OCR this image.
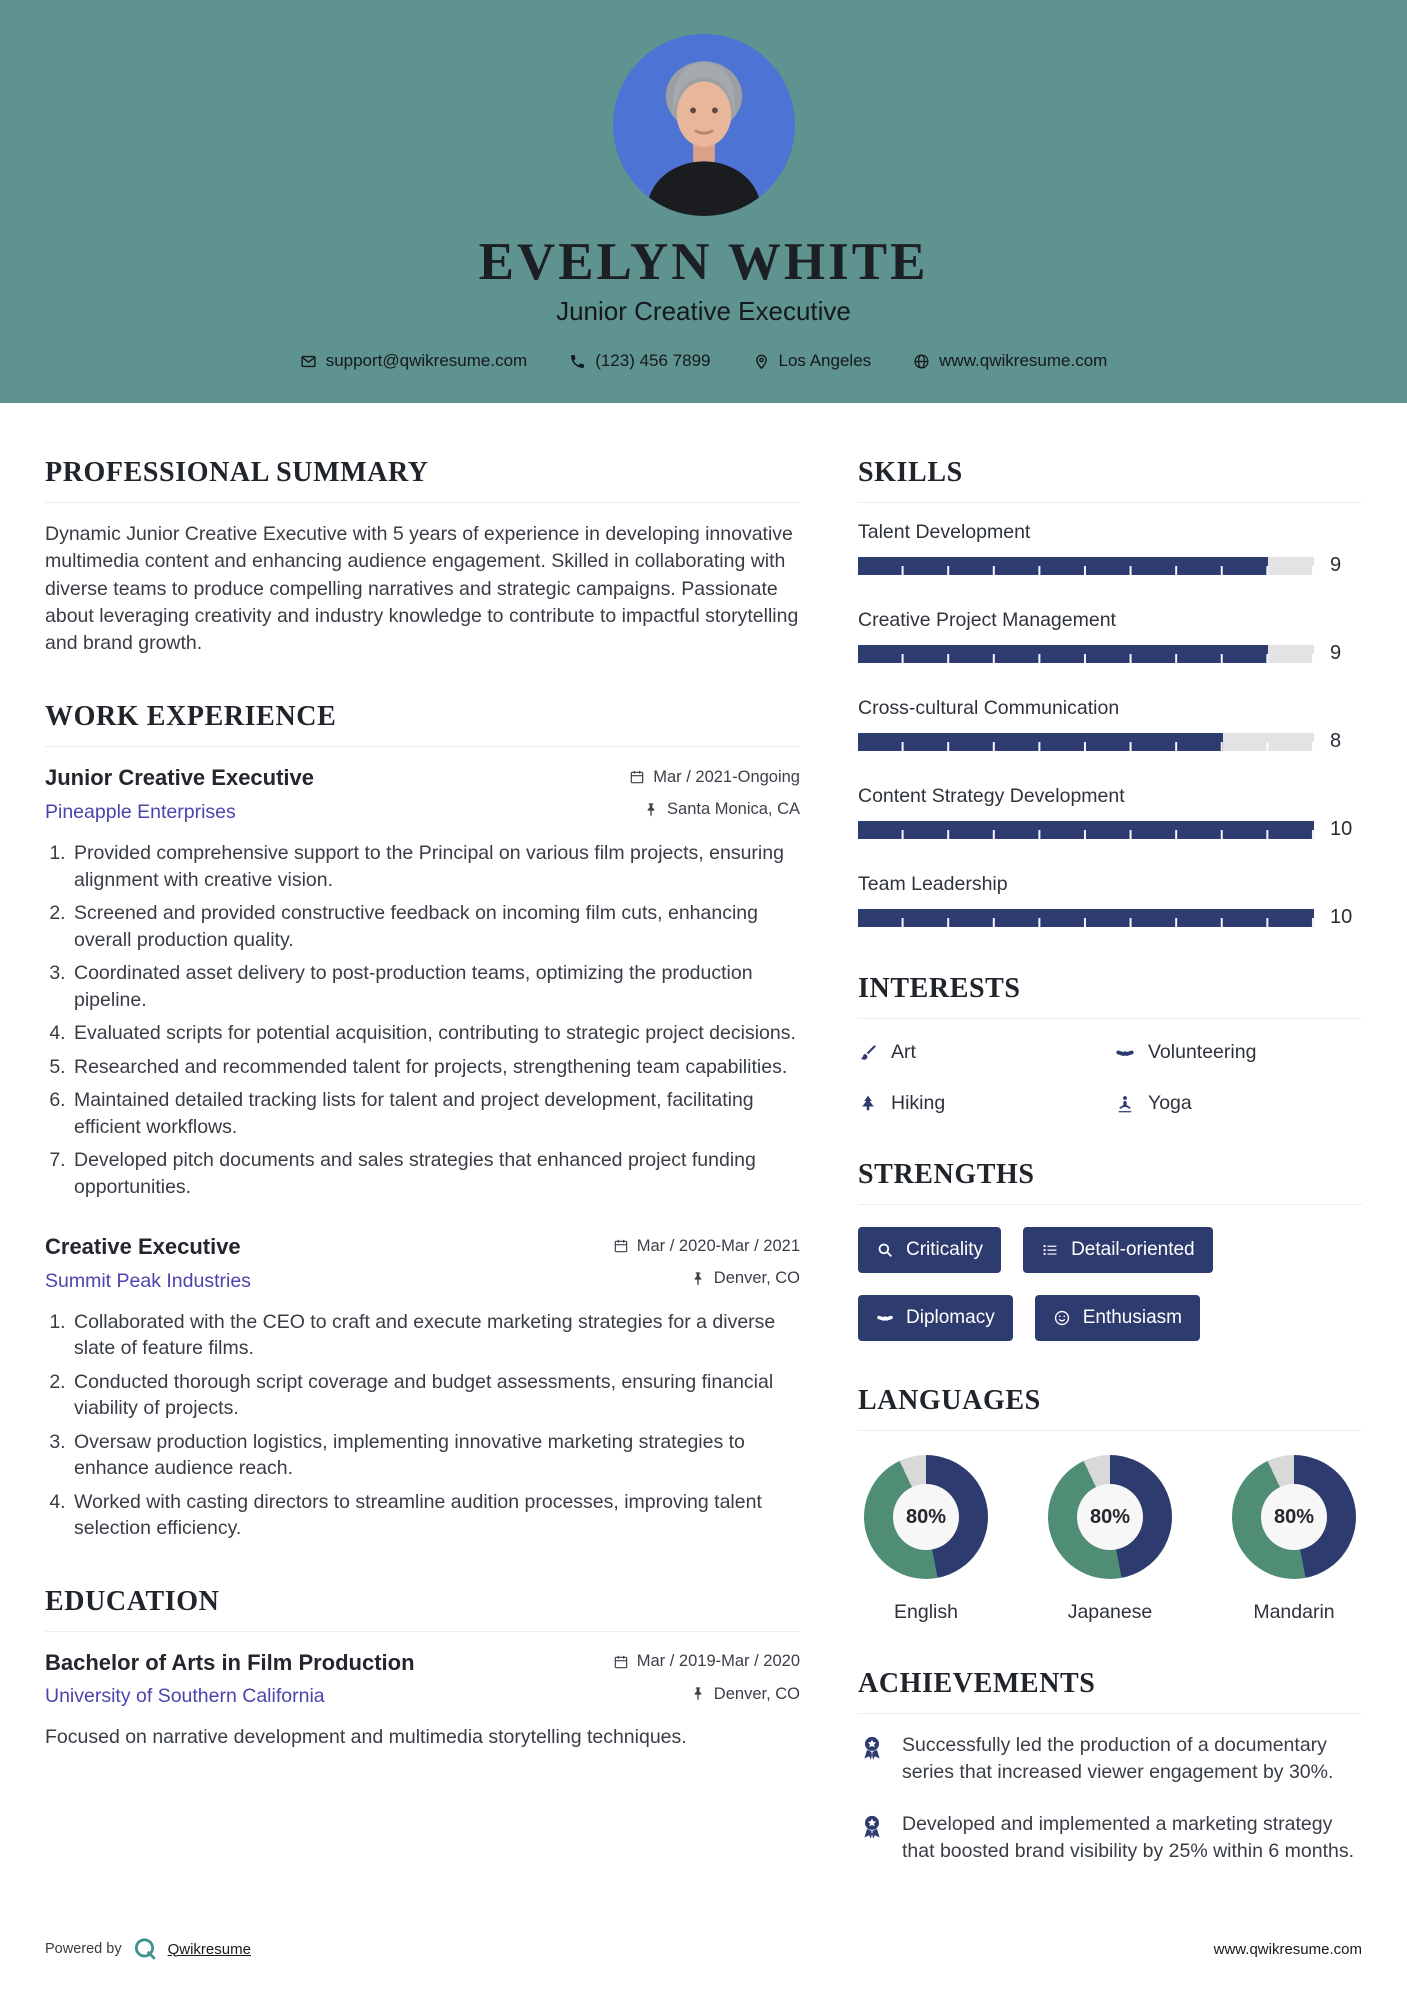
EVELYN WHITE
Junior Creative Executive
support@qwikresume.com	(123) 456 7899	Los Angeles	www.qwikresume.com
PROFESSIONAL SUMMARY

Dynamic Junior Creative Executive with 5 years of experience in developing innovative multimedia content and enhancing audience engagement. Skilled in collaborating with diverse teams to produce compelling narratives and strategic campaigns. Passionate about leveraging creativity and industry knowledge to contribute to impactful storytelling and brand growth.

WORK EXPERIENCE
Junior Creative Executive	Mar / 2021-Ongoing
Pineapple Enterprises	Santa Monica, CA
1. Provided comprehensive support to the Principal on various film projects, ensuring alignment with creative vision.
2. Screened and provided constructive feedback on incoming film cuts, enhancing overall production quality.
3. Coordinated asset delivery to post-production teams, optimizing the production pipeline.
4. Evaluated scripts for potential acquisition, contributing to strategic project decisions.
5. Researched and recommended talent for projects, strengthening team capabilities.
6. Maintained detailed tracking lists for talent and project development, facilitating efficient workflows.
7. Developed pitch documents and sales strategies that enhanced project funding opportunities.
Creative Executive	Mar / 2020-Mar / 2021
Summit Peak Industries	Denver, CO
1. Collaborated with the CEO to craft and execute marketing strategies for a diverse slate of feature films.
2. Conducted thorough script coverage and budget assessments, ensuring financial viability of projects.
3. Oversaw production logistics, implementing innovative marketing strategies to enhance audience reach.
4. Worked with casting directors to streamline audition processes, improving talent selection efficiency.
EDUCATION
Bachelor of Arts in Film Production	Mar / 2019-Mar / 2020
University of Southern California	Denver, CO

Focused on narrative development and multimedia storytelling techniques.

SKILLS
Talent Development
9
Creative Project Management
9
Cross-cultural Communication
8
Content Strategy Development
10
Team Leadership
10
INTERESTS
Art	Volunteering
Hiking	Yoga
STRENGTHS
Criticality	Detail-oriented
Diplomacy	Enthusiasm
LANGUAGES
80%
English
80%
Japanese
80%
Mandarin
ACHIEVEMENTS
Successfully led the production of a documentary series that increased viewer engagement by 30%.
Developed and implemented a marketing strategy that boosted brand visibility by 25% within 6 months.
Powered by	Qwikresume	www.qwikresume.com
